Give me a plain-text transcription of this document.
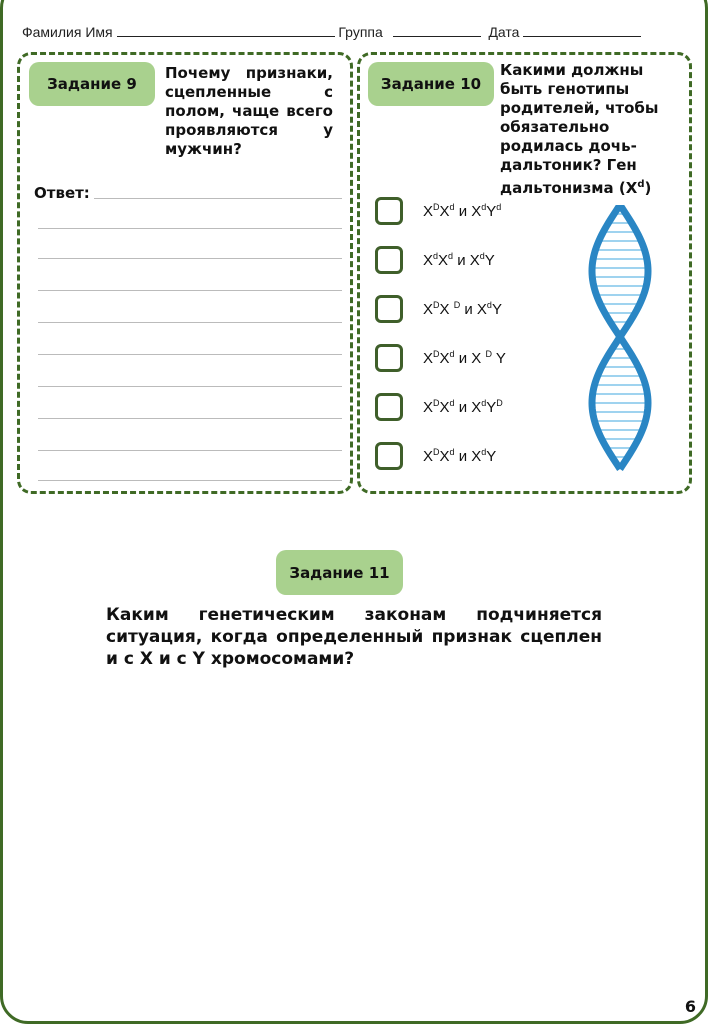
Фамилия Имя	Группа	Дата
Задание 9
Почему признаки, сцепленные с полом, чаще всего проявляются у мужчин?
Ответ:
Задание 10
Какими должны быть генотипы родителей, чтобы обязательно родилась дочь-дальтоник? Ген дальтонизма $(X^d)$
$X^DX^d$ и $X^dY^d$
$X^dX^d$ и $X^dY$
$X^DX$ $^D$ и $X^dY$
$X^DX^d$ и X $^D$ Y
$X^DX^d$ и $X^dY^D$
$X^DX^d$ и $X^dY$
Задание 11
Каким генетическим законам подчиняется ситуация, когда определенный признак сцеплен и с X и с Y хромосомами?
6
